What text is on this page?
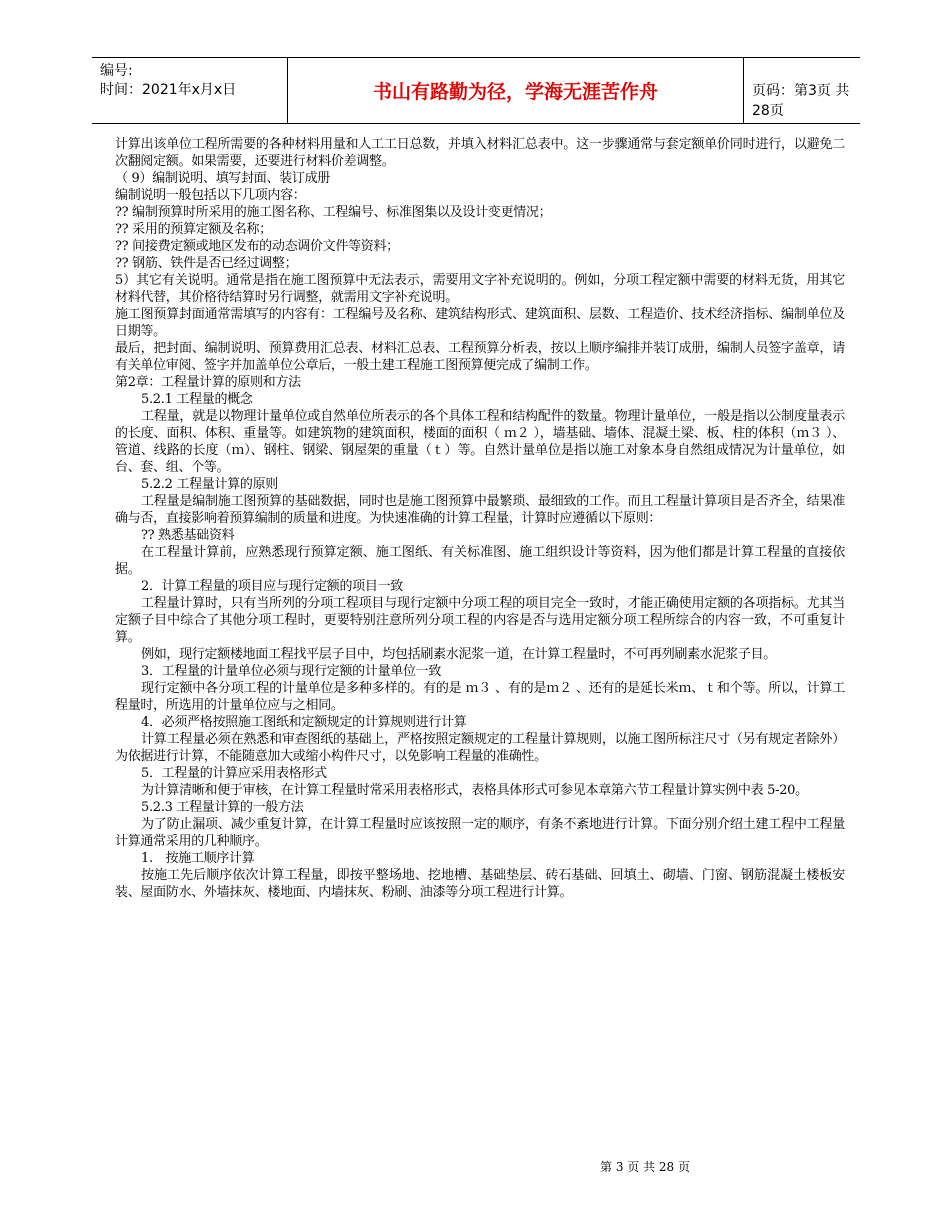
编号:
时间：2021年x月x日	书山有路勤为径，学海无涯苦作舟	页码：第3页 共28页

计算出该单位工程所需要的各种材料用量和人工工日总数，并填入材料汇总表中。这一步骤通常与套定额单价同时进行，以避免二次翻阅定额。如果需要，还要进行材料价差调整。

（ 9）编制说明、填写封面、装订成册

编制说明一般包括以下几项内容：

?? 编制预算时所采用的施工图名称、工程编号、标准图集以及设计变更情况；

?? 采用的预算定额及名称；

?? 间接费定额或地区发布的动态调价文件等资料；

?? 钢筋、铁件是否已经过调整；

5）其它有关说明。通常是指在施工图预算中无法表示，需要用文字补充说明的。例如，分项工程定额中需要的材料无货，用其它材料代替，其价格待结算时另行调整，就需用文字补充说明。

施工图预算封面通常需填写的内容有：工程编号及名称、建筑结构形式、建筑面积、层数、工程造价、技术经济指标、编制单位及日期等。

最后，把封面、编制说明、预算费用汇总表、材料汇总表、工程预算分析表，按以上顺序编排并装订成册，编制人员签字盖章，请有关单位审阅、签字并加盖单位公章后，一般土建工程施工图预算便完成了编制工作。

第2章：工程量计算的原则和方法

5.2.1 工程量的概念

工程量，就是以物理计量单位或自然单位所表示的各个具体工程和结构配件的数量。物理计量单位，一般是指以公制度量表示的长度、面积、体积、重量等。如建筑物的建筑面积，楼面的面积（ ｍ２ ），墙基础、墙体、混凝土梁、板、柱的体积（ｍ３ ）、管道、线路的长度（ｍ）、钢柱、钢梁、钢屋架的重量（ｔ）等。自然计量单位是指以施工对象本身自然组成情况为计量单位，如台、套、组、个等。

5.2.2 工程量计算的原则

工程量是编制施工图预算的基础数据，同时也是施工图预算中最繁琐、最细致的工作。而且工程量计算项目是否齐全，结果准确与否，直接影响着预算编制的质量和进度。为快速准确的计算工程量，计算时应遵循以下原则：

?? 熟悉基础资料

在工程量计算前，应熟悉现行预算定额、施工图纸、有关标准图、施工组织设计等资料，因为他们都是计算工程量的直接依据。

2．计算工程量的项目应与现行定额的项目一致

工程量计算时，只有当所列的分项工程项目与现行定额中分项工程的项目完全一致时，才能正确使用定额的各项指标。尤其当定额子目中综合了其他分项工程时，更要特别注意所列分项工程的内容是否与选用定额分项工程所综合的内容一致，不可重复计算。

例如，现行定额楼地面工程找平层子目中，均包括刷素水泥浆一道，在计算工程量时，不可再列刷素水泥浆子目。

3．工程量的计量单位必须与现行定额的计量单位一致

现行定额中各分项工程的计量单位是多种多样的。有的是 ｍ３ 、有的是ｍ２ 、还有的是延长米ｍ、ｔ和个等。所以，计算工程量时，所选用的计量单位应与之相同。

4．必须严格按照施工图纸和定额规定的计算规则进行计算

计算工程量必须在熟悉和审查图纸的基础上，严格按照定额规定的工程量计算规则，以施工图所标注尺寸（另有规定者除外）为依据进行计算，不能随意加大或缩小构件尺寸，以免影响工程量的准确性。

5．工程量的计算应采用表格形式

为计算清晰和便于审核，在计算工程量时常采用表格形式，表格具体形式可参见本章第六节工程量计算实例中表 5-20。

5.2.3 工程量计算的一般方法

为了防止漏项、减少重复计算，在计算工程量时应该按照一定的顺序，有条不紊地进行计算。下面分别介绍土建工程中工程量计算通常采用的几种顺序。

1.　按施工顺序计算

按施工先后顺序依次计算工程量，即按平整场地、挖地槽、基础垫层、砖石基础、回填土、砌墙、门窗、钢筋混凝土楼板安装、屋面防水、外墙抹灰、楼地面、内墙抹灰、粉刷、油漆等分项工程进行计算。

第 3 页 共 28 页
